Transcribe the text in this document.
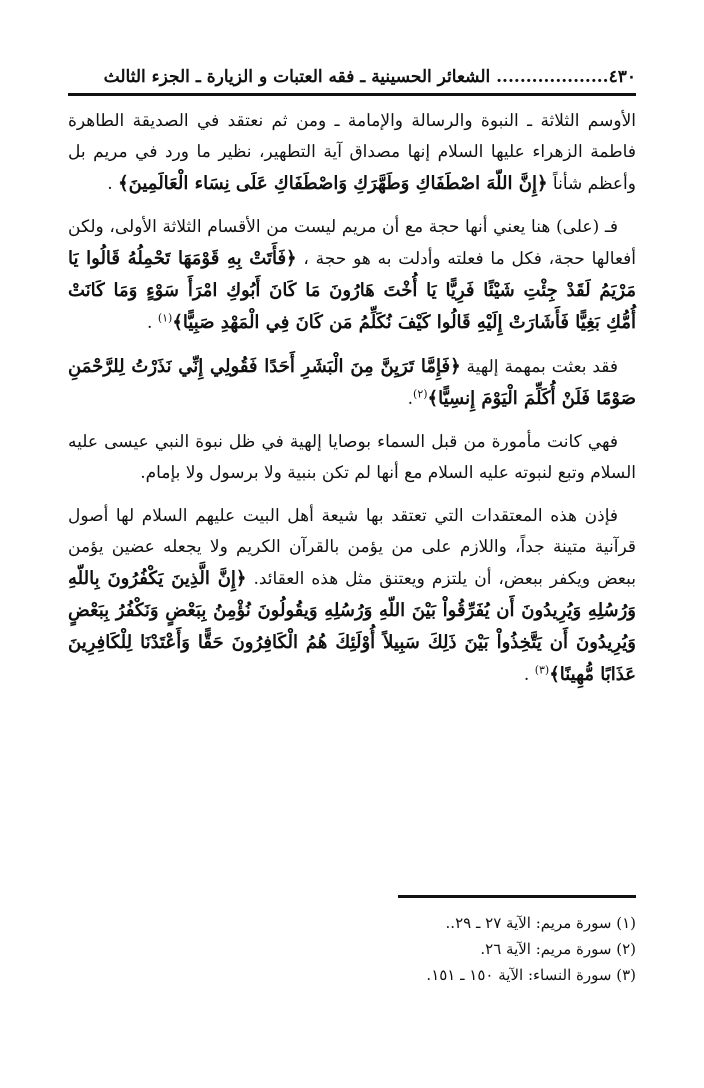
٤٣٠
................... الشعائر الحسينية ـ فقه العتبات و الزيارة ـ الجزء الثالث

الأوسم الثلاثة ـ النبوة والرسالة والإمامة ـ ومن ثم نعتقد في الصديقة الطاهرة فاطمة الزهراء عليها السلام إنها مصداق آية التطهير، نظير ما ورد في مريم بل وأعظم شأناً ﴿إِنَّ اللّهَ اصْطَفَاكِ وَطَهَّرَكِ وَاصْطَفَاكِ عَلَى نِسَاء الْعَالَمِينَ﴾ .

فـ (على) هنا يعني أنها حجة مع أن مريم ليست من الأقسام الثلاثة الأولى، ولكن أفعالها حجة، فكل ما فعلته وأدلت به هو حجة ، ﴿فَأَتَتْ بِهِ قَوْمَهَا تَحْمِلُهُ قَالُوا يَا مَرْيَمُ لَقَدْ جِئْتِ شَيْئًا فَرِيًّا يَا أُخْتَ هَارُونَ مَا كَانَ أَبُوكِ امْرَأَ سَوْءٍ وَمَا كَانَتْ أُمُّكِ بَغِيًّا فَأَشَارَتْ إِلَيْهِ قَالُوا كَيْفَ نُكَلِّمُ مَن كَانَ فِي الْمَهْدِ صَبِيًّا﴾$^{(١)}$ .

فقد بعثت بمهمة إلهية ﴿فَإِمَّا تَرَيِنَّ مِنَ الْبَشَرِ أَحَدًا فَقُولِي إِنِّي نَذَرْتُ لِلرَّحْمَنِ صَوْمًا فَلَنْ أُكَلِّمَ الْيَوْمَ إِنسِيًّا﴾$^{(٢)}$.

فهي كانت مأمورة من قبل السماء بوصايا إلهية في ظل نبوة النبي عيسى عليه السلام وتبع لنبوته عليه السلام مع أنها لم تكن بنبية ولا برسول ولا بإمام.

فإذن هذه المعتقدات التي تعتقد بها شيعة أهل البيت عليهم السلام لها أصول قرآنية متينة جداً، واللازم على من يؤمن بالقرآن الكريم ولا يجعله عضين يؤمن ببعض ويكفر ببعض، أن يلتزم ويعتنق مثل هذه العقائد. ﴿إِنَّ الَّذِينَ يَكْفُرُونَ بِاللّهِ وَرُسُلِهِ وَيُرِيدُونَ أَن يُفَرِّقُواْ بَيْنَ اللّهِ وَرُسُلِهِ وَيقُولُونَ نُؤْمِنُ بِبَعْضٍ وَنَكْفُرُ بِبَعْضٍ وَيُرِيدُونَ أَن يَتَّخِذُواْ بَيْنَ ذَلِكَ سَبِيلاً أُوْلَئِكَ هُمُ الْكَافِرُونَ حَقًّا وَأَعْتَدْنَا لِلْكَافِرِينَ عَذَابًا مُّهِينًا﴾$^{(٣)}$ .

(١) سورة مريم: الآية ٢٧ ـ ٢٩..
(٢) سورة مريم: الآية ٢٦.
(٣) سورة النساء: الآية ١٥٠ ـ ١٥١.
